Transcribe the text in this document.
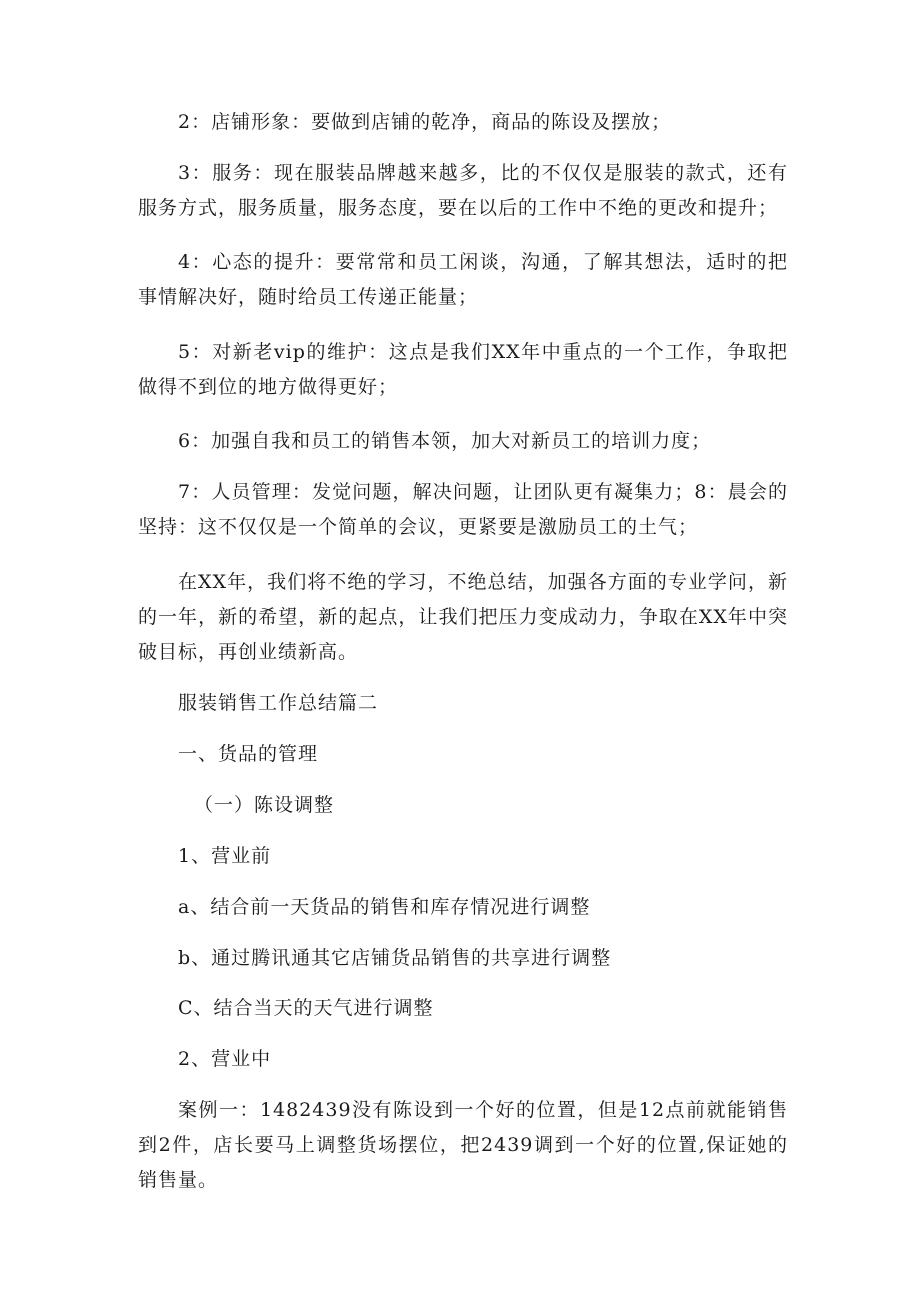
2：店铺形象：要做到店铺的乾净，商品的陈设及摆放；

3：服务：现在服装品牌越来越多，比的不仅仅是服装的款式，还有服务方式，服务质量，服务态度，要在以后的工作中不绝的更改和提升；

4：心态的提升：要常常和员工闲谈，沟通，了解其想法，适时的把事情解决好，随时给员工传递正能量；

5：对新老vip的维护：这点是我们XX年中重点的一个工作，争取把做得不到位的地方做得更好；

6：加强自我和员工的销售本领，加大对新员工的培训力度；

7：人员管理：发觉问题，解决问题，让团队更有凝集力；8：晨会的坚持：这不仅仅是一个简单的会议，更紧要是激励员工的土气；

在XX年，我们将不绝的学习，不绝总结，加强各方面的专业学问，新的一年，新的希望，新的起点，让我们把压力变成动力，争取在XX年中突破目标，再创业绩新高。

服装销售工作总结篇二

一、货品的管理

（一）陈设调整

1、营业前

a、结合前一天货品的销售和库存情况进行调整

b、通过腾讯通其它店铺货品销售的共享进行调整

C、结合当天的天气进行调整

2、营业中

案例一：1482439没有陈设到一个好的位置，但是12点前就能销售到2件，店长要马上调整货场摆位，把2439调到一个好的位置,保证她的销售量。
